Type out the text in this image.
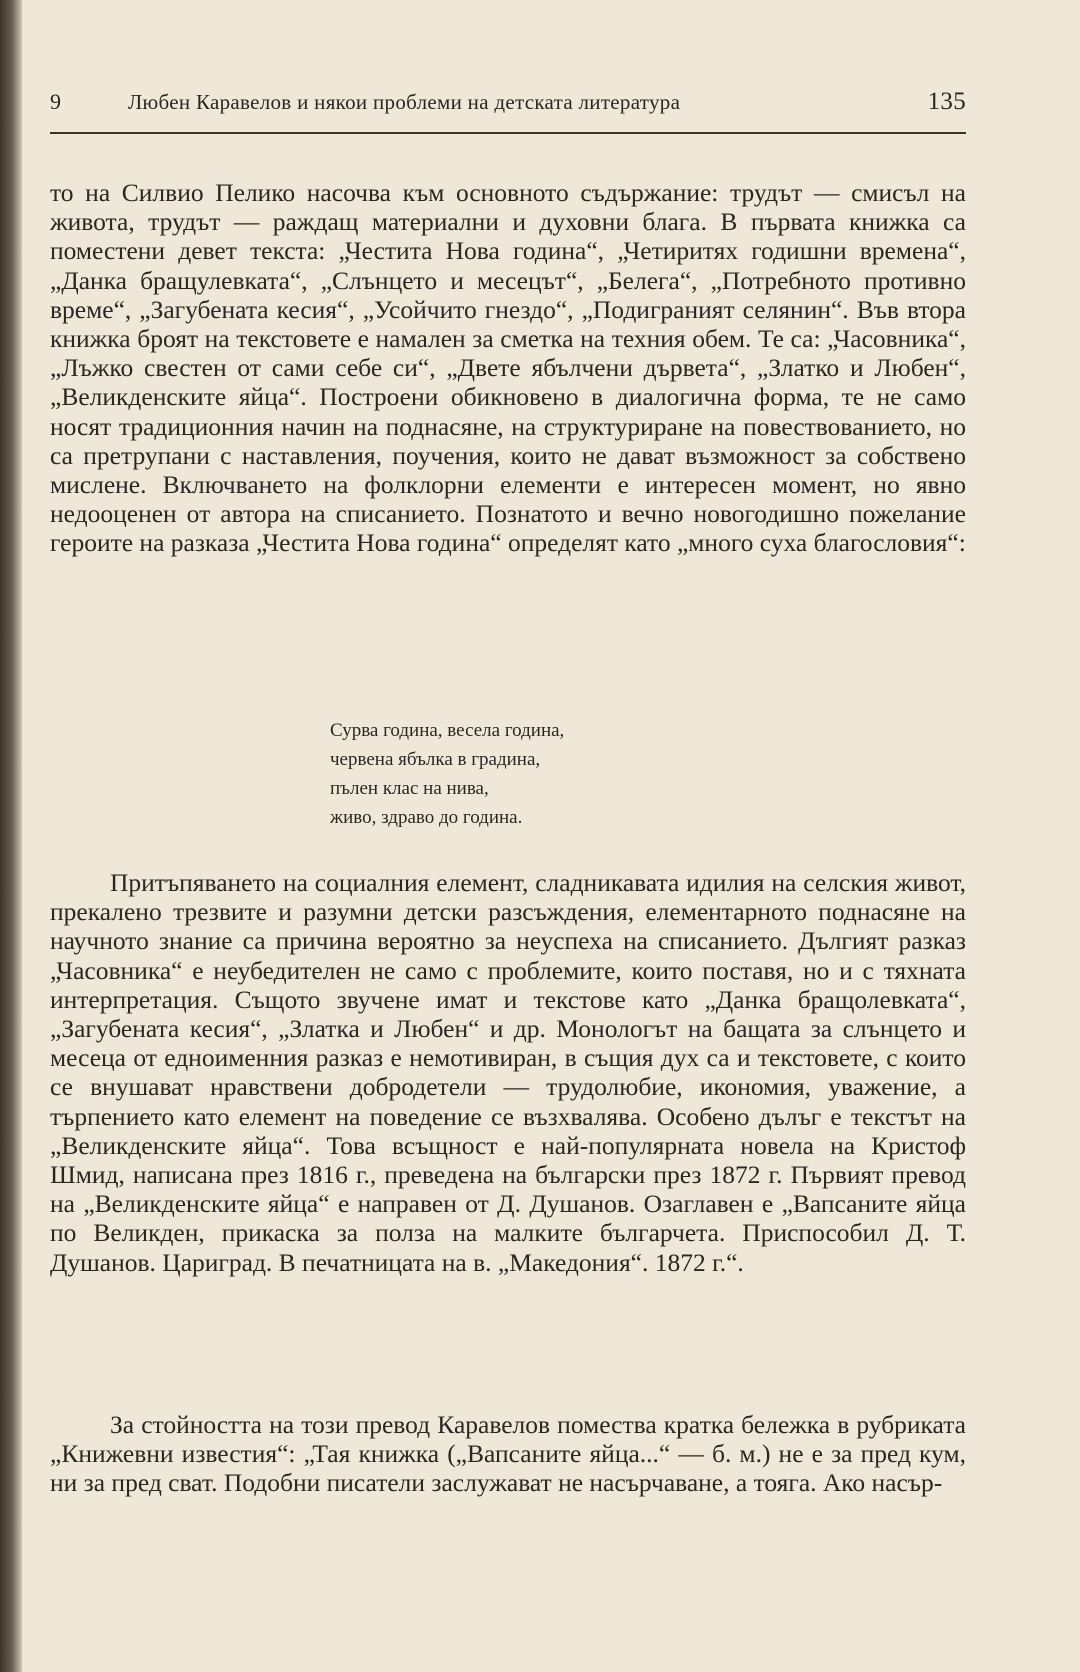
9	Любен Каравелов и някои проблеми на детската литература	135

то на Силвио Пелико насочва към основното съдържание: трудът — смисъл на живота, трудът — раждащ материални и духовни блага. В първата книжка са поместени девет текста: „Честита Нова година“, „Четиритях годишни времена“, „Данка бращулевката“, „Слънцето и месецът“, „Белега“, „Потребното противно време“, „Загубената кесия“, „Усойчито гнездо“, „Подиграният селянин“. Във втора книжка броят на текстовете е намален за сметка на техния обем. Те са: „Часовника“, „Лъжко свестен от сами себе си“, „Двете ябълчени дървета“, „Златко и Любен“, „Великденските яйца“. Построени обикновено в диалогична форма, те не само носят традиционния начин на поднасяне, на структуриране на повествованието, но са претрупани с наставления, поучения, които не дават възможност за собствено мислене. Включването на фолклорни елементи е интересен момент, но явно недооценен от автора на списанието. Познатото и вечно новогодишно пожелание героите на разказа „Честита Нова година“ определят като „много суха благословия“:

Сурва година, весела година,
червена ябълка в градина,
пълен клас на нива,
живо, здраво до година.

Притъпяването на социалния елемент, сладникавата идилия на селския живот, прекалено трезвите и разумни детски разсъждения, елементарното поднасяне на научното знание са причина вероятно за неуспеха на списанието. Дългият разказ „Часовника“ е неубедителен не само с проблемите, които поставя, но и с тяхната интерпретация. Същото звучене имат и текстове като „Данка бращолевката“, „Загубената кесия“, „Златка и Любен“ и др. Монологът на бащата за слънцето и месеца от едноименния разказ е немотивиран, в същия дух са и текстовете, с които се внушават нравствени добродетели — трудолюбие, икономия, уважение, а търпението като елемент на поведение се възхвалява. Особено дълъг е текстът на „Великденските яйца“. Това всъщност е най-популярната новела на Кристоф Шмид, написана през 1816 г., преведена на български през 1872 г. Първият превод на „Великденските яйца“ е направен от Д. Душанов. Озаглавен е „Вапсаните яйца по Великден, прикаска за полза на малките българчета. Приспособил Д. Т. Душанов. Цариград. В печатницата на в. „Македония“. 1872 г.“.

За стойността на този превод Каравелов помества кратка бележка в рубриката „Книжевни известия“: „Тая книжка („Вапсаните яйца...“ — б. м.) не е за пред кум, ни за пред сват. Подобни писатели заслужават не насърчаване, а тояга. Ако насър-
